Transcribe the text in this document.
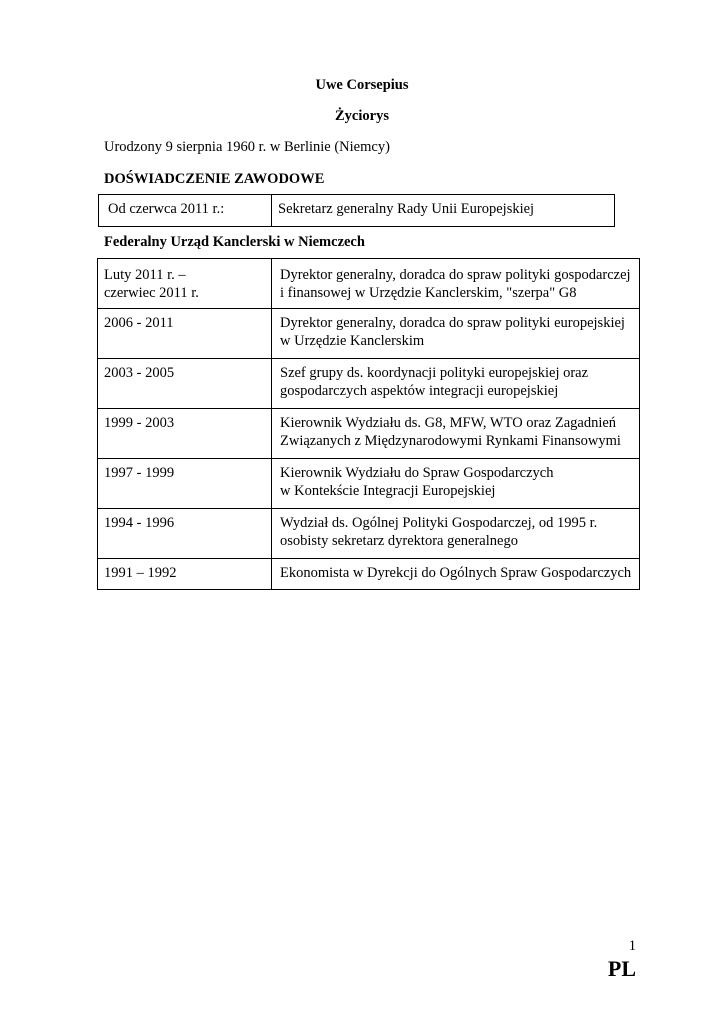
Uwe Corsepius
Życiorys
Urodzony 9 sierpnia 1960 r. w Berlinie (Niemcy)
DOŚWIADCZENIE ZAWODOWE
Od czerwca 2011 r.:	Sekretarz generalny Rady Unii Europejskiej
Federalny Urząd Kanclerski w Niemczech
Luty 2011 r. –
czerwiec 2011 r.	Dyrektor generalny, doradca do spraw polityki gospodarczej
i finansowej w Urzędzie Kanclerskim, "szerpa" G8

2006 - 2011	Dyrektor generalny, doradca do spraw polityki europejskiej
w Urzędzie Kanclerskim

2003 - 2005	Szef grupy ds. koordynacji polityki europejskiej oraz
gospodarczych aspektów integracji europejskiej

1999 - 2003	Kierownik Wydziału ds. G8, MFW, WTO oraz Zagadnień
Związanych z Międzynarodowymi Rynkami Finansowymi

1997 - 1999	Kierownik Wydziału do Spraw Gospodarczych
w Kontekście Integracji Europejskiej

1994 - 1996	Wydział ds. Ogólnej Polityki Gospodarczej, od 1995 r.
osobisty sekretarz dyrektora generalnego

1991 – 1992	Ekonomista w Dyrekcji do Ogólnych Spraw Gospodarczych
1
PL
